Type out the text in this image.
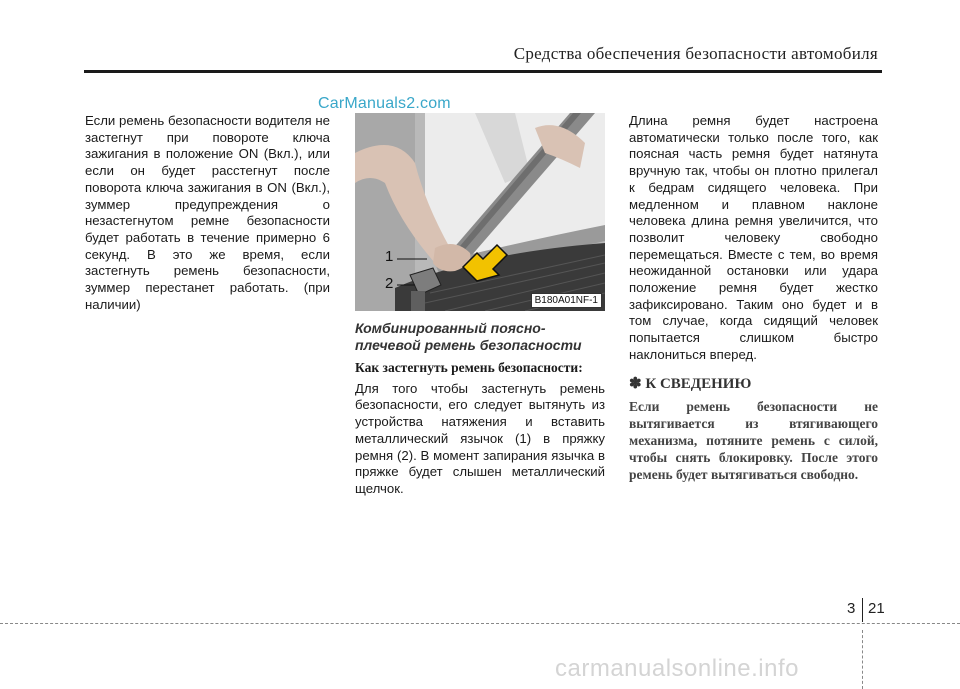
Средства обеспечения безопасности автомобиля
CarManuals2.com

Если ремень безопасности водителя не застегнут при повороте ключа зажигания в положение ON (Вкл.), или если он будет расстегнут после поворота ключа зажигания в ON (Вкл.), зуммер предупреждения о незастегнутом ремне безопасности будет работать в течение примерно 6 секунд. В это же время, если застегнуть ремень безопасности, зуммер перестанет работать. (при наличии)

1
2
B180A01NF-1
Комбинированный поясно-плечевой ремень безопасности
Как застегнуть ремень безопасности:

Для того чтобы застегнуть ремень безопасности, его следует вытянуть из устройства натяжения и вставить металлический язычок (1) в пряжку ремня (2). В момент запирания язычка в пряжке будет слышен металлический щелчок.

Длина ремня будет настроена автоматически только после того, как поясная часть ремня будет натянута вручную так, чтобы он плотно прилегал к бедрам сидящего человека. При медленном и плавном наклоне человека длина ремня увеличится, что позволит человеку свободно перемещаться. Вместе с тем, во время неожиданной остановки или удара положение ремня будет жестко зафиксировано. Таким оно будет и в том случае, когда сидящий человек попытается слишком быстро наклониться вперед.

✽ К СВЕДЕНИЮ

Если ремень безопасности не вытягивается из втягивающего механизма, потяните ремень с силой, чтобы снять блокировку. После этого ремень будет вытягиваться свободно.

3 21
carmanualsonline.info
